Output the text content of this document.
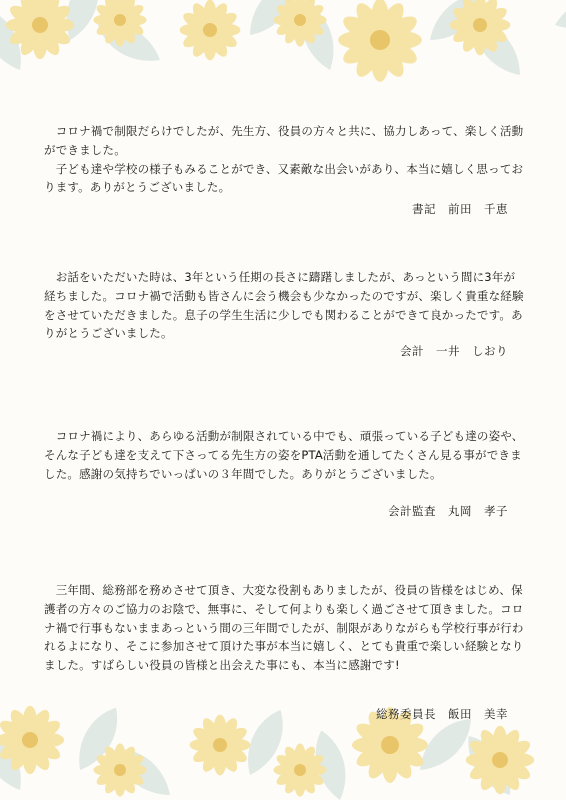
　コロナ禍で制限だらけでしたが、先生方、役員の方々と共に、協力しあって、楽しく活動ができました。

　子ども達や学校の様子もみることができ、又素敵な出会いがあり、本当に嬉しく思っております。ありがとうございました。

書記　前田　千恵

　お話をいただいた時は、3年という任期の長さに躊躇しましたが、あっという間に3年が経ちました。コロナ禍で活動も皆さんに会う機会も少なかったのですが、楽しく貴重な経験をさせていただきました。息子の学生生活に少しでも関わることができて良かったです。ありがとうございました。

会計　一井　しおり

　コロナ禍により、あらゆる活動が制限されている中でも、頑張っている子ども達の姿や、そんな子ども達を支えて下さってる先生方の姿をPTA活動を通してたくさん見る事ができました。感謝の気持ちでいっぱいの３年間でした。ありがとうございました。

会計監査　丸岡　孝子

　三年間、総務部を務めさせて頂き、大変な役割もありましたが、役員の皆様をはじめ、保護者の方々のご協力のお陰で、無事に、そして何よりも楽しく過ごさせて頂きました。コロナ禍で行事もないままあっという間の三年間でしたが、制限がありながらも学校行事が行われるよになり、そこに参加させて頂けた事が本当に嬉しく、とても貴重で楽しい経験となりました。すばらしい役員の皆様と出会えた事にも、本当に感謝です!

総務委員長　飯田　美幸
